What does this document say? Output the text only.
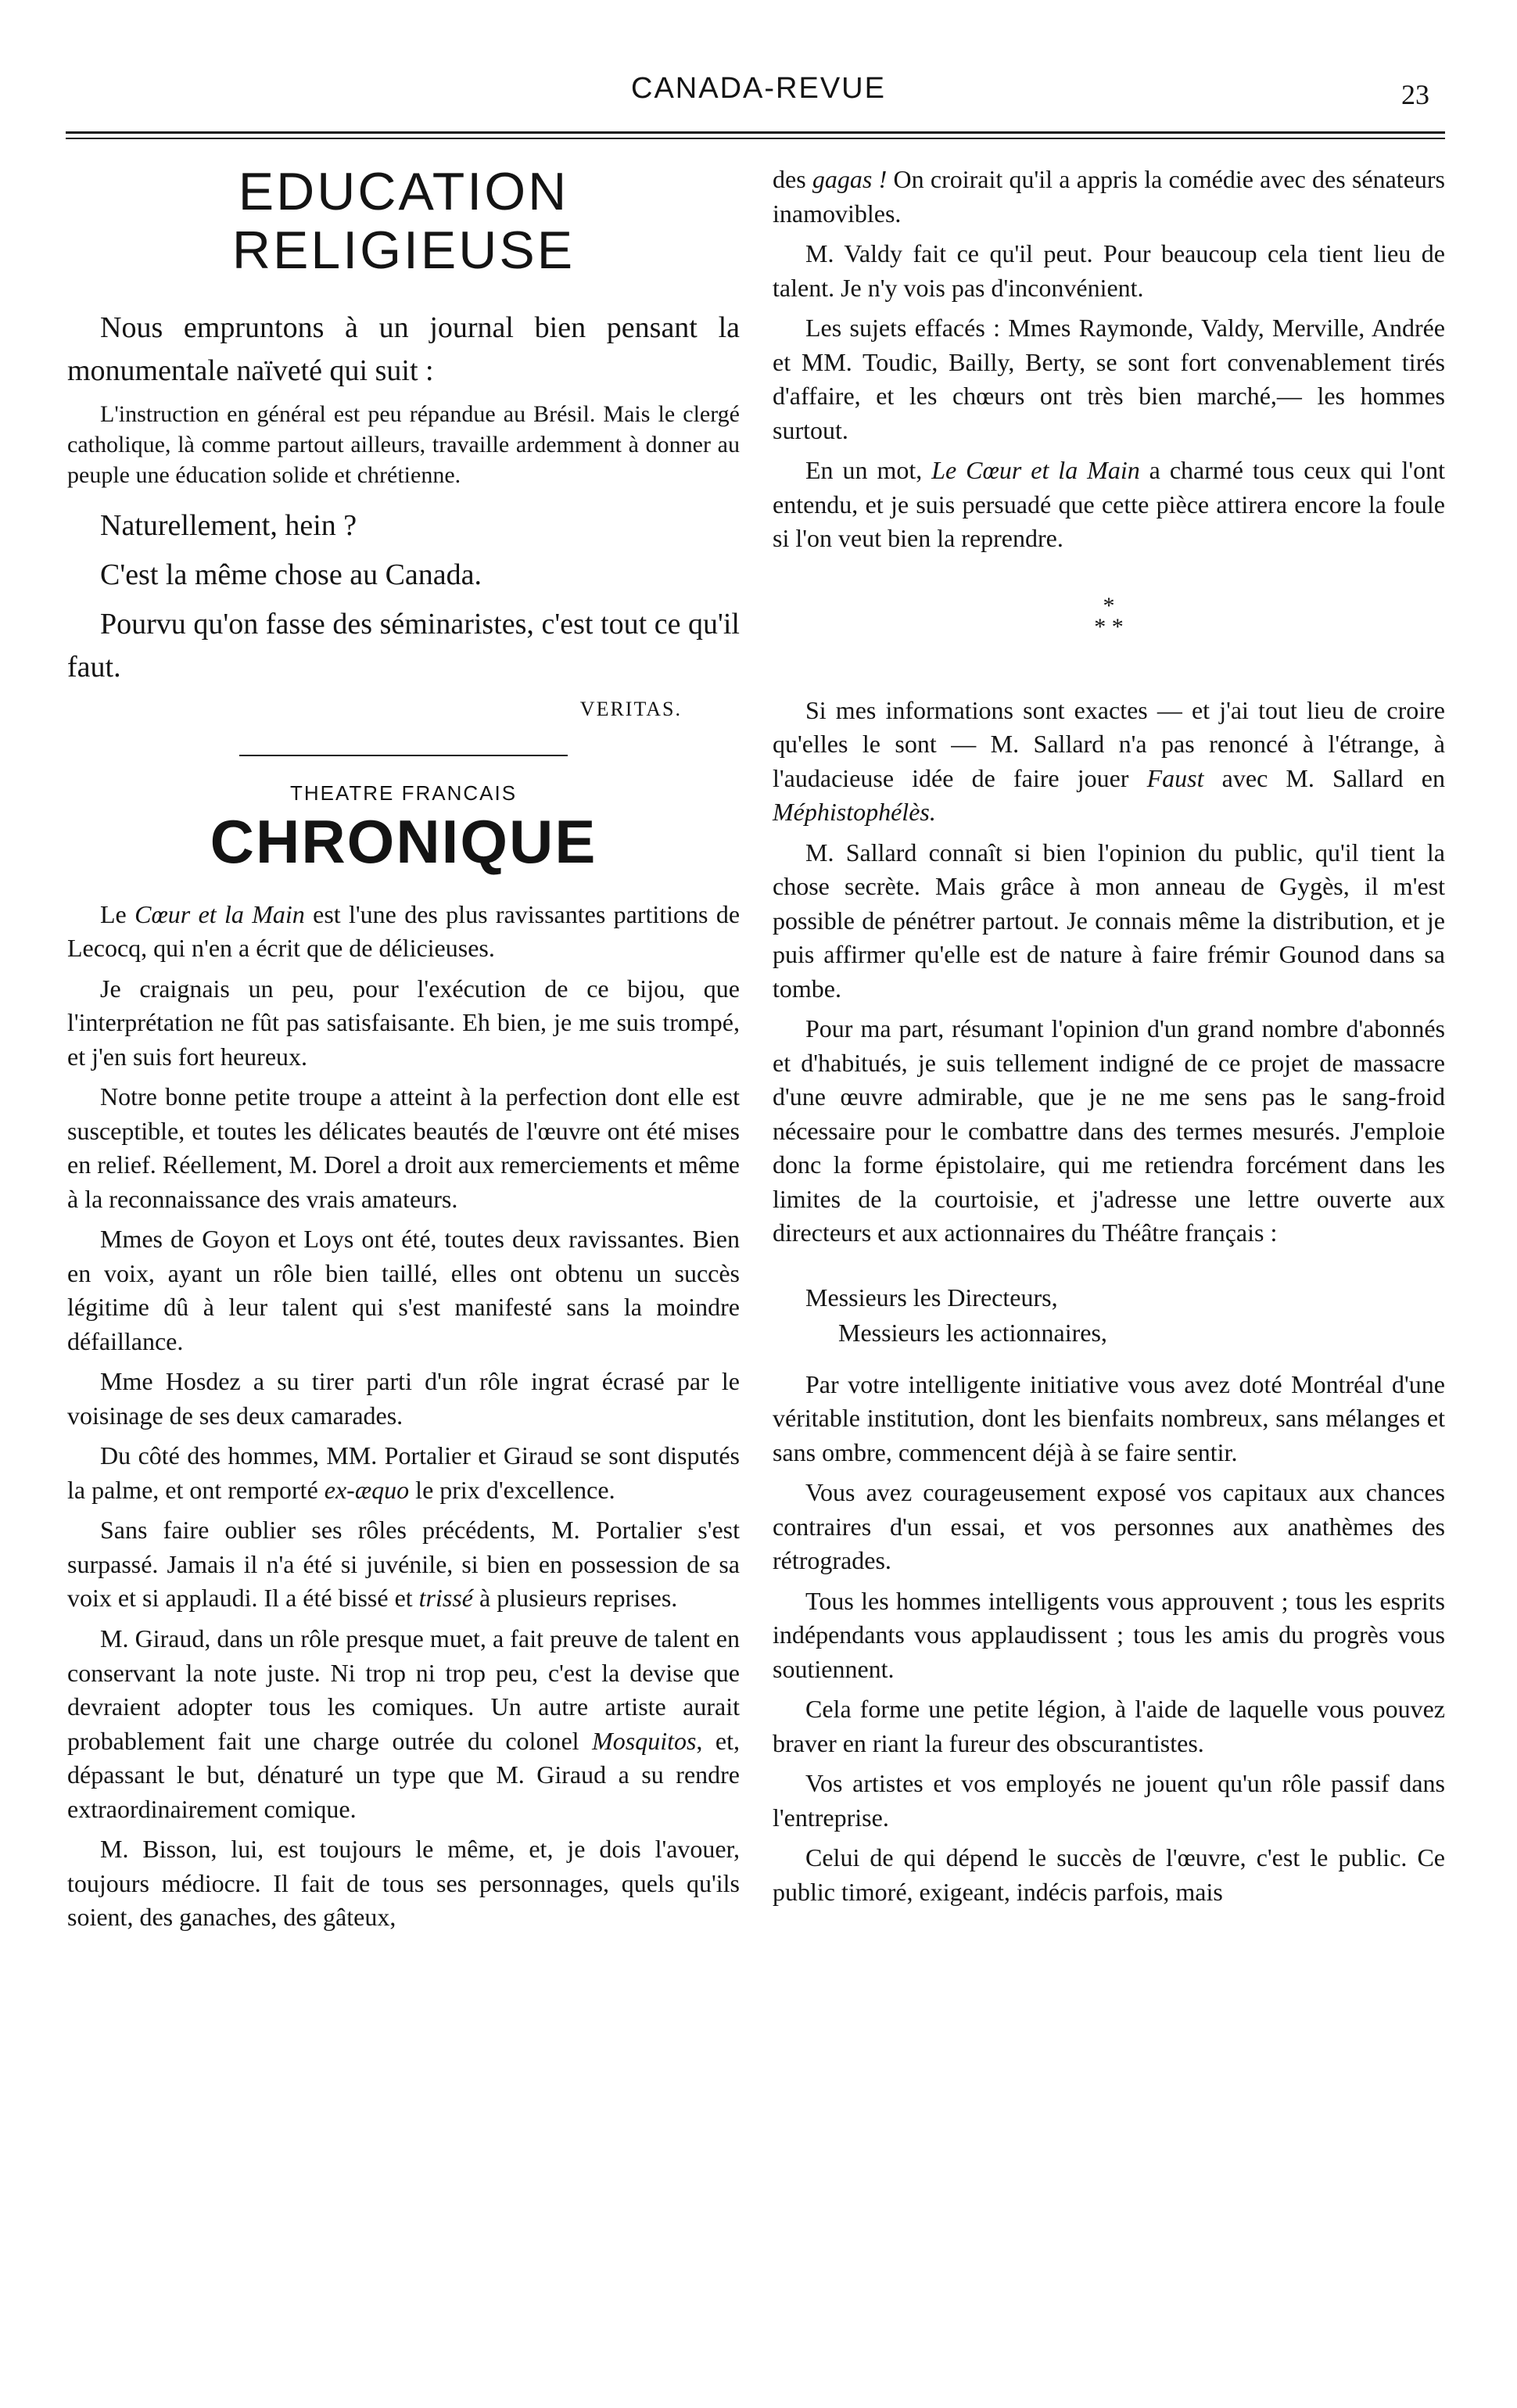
CANADA-REVUE	23
EDUCATION RELIGIEUSE

Nous empruntons à un journal bien pensant la monumentale naïveté qui suit :

L'instruction en général est peu répandue au Brésil. Mais le clergé catholique, là comme partout ailleurs, travaille ardemment à donner au peuple une éducation solide et chrétienne.

Naturellement, hein ?

C'est la même chose au Canada.

Pourvu qu'on fasse des séminaristes, c'est tout ce qu'il faut.

VERITAS.
THEATRE FRANCAIS
CHRONIQUE

Le Cœur et la Main est l'une des plus ravissantes partitions de Lecocq, qui n'en a écrit que de délicieuses.

Je craignais un peu, pour l'exécution de ce bijou, que l'interprétation ne fût pas satisfaisante. Eh bien, je me suis trompé, et j'en suis fort heureux.

Notre bonne petite troupe a atteint à la perfection dont elle est susceptible, et toutes les délicates beautés de l'œuvre ont été mises en relief. Réellement, M. Dorel a droit aux remerciements et même à la reconnaissance des vrais amateurs.

Mmes de Goyon et Loys ont été, toutes deux ravissantes. Bien en voix, ayant un rôle bien taillé, elles ont obtenu un succès légitime dû à leur talent qui s'est manifesté sans la moindre défaillance.

Mme Hosdez a su tirer parti d'un rôle ingrat écrasé par le voisinage de ses deux camarades.

Du côté des hommes, MM. Portalier et Giraud se sont disputés la palme, et ont remporté ex-æquo le prix d'excellence.

Sans faire oublier ses rôles précédents, M. Portalier s'est surpassé. Jamais il n'a été si juvénile, si bien en possession de sa voix et si applaudi. Il a été bissé et trissé à plusieurs reprises.

M. Giraud, dans un rôle presque muet, a fait preuve de talent en conservant la note juste. Ni trop ni trop peu, c'est la devise que devraient adopter tous les comiques. Un autre artiste aurait probablement fait une charge outrée du colonel Mosquitos, et, dépassant le but, dénaturé un type que M. Giraud a su rendre extraordinairement comique.

M. Bisson, lui, est toujours le même, et, je dois l'avouer, toujours médiocre. Il fait de tous ses personnages, quels qu'ils soient, des ganaches, des gâteux,

des gagas ! On croirait qu'il a appris la comédie avec des sénateurs inamovibles.

M. Valdy fait ce qu'il peut. Pour beaucoup cela tient lieu de talent. Je n'y vois pas d'inconvénient.

Les sujets effacés : Mmes Raymonde, Valdy, Merville, Andrée et MM. Toudic, Bailly, Berty, se sont fort convenablement tirés d'affaire, et les chœurs ont très bien marché,— les hommes surtout.

En un mot, Le Cœur et la Main a charmé tous ceux qui l'ont entendu, et je suis persuadé que cette pièce attirera encore la foule si l'on veut bien la reprendre.

*
* *

Si mes informations sont exactes — et j'ai tout lieu de croire qu'elles le sont — M. Sallard n'a pas renoncé à l'étrange, à l'audacieuse idée de faire jouer Faust avec M. Sallard en Méphistophélès.

M. Sallard connaît si bien l'opinion du public, qu'il tient la chose secrète. Mais grâce à mon anneau de Gygès, il m'est possible de pénétrer partout. Je connais même la distribution, et je puis affirmer qu'elle est de nature à faire frémir Gounod dans sa tombe.

Pour ma part, résumant l'opinion d'un grand nombre d'abonnés et d'habitués, je suis tellement indigné de ce projet de massacre d'une œuvre admirable, que je ne me sens pas le sang-froid nécessaire pour le combattre dans des termes mesurés. J'emploie donc la forme épistolaire, qui me retiendra forcément dans les limites de la courtoisie, et j'adresse une lettre ouverte aux directeurs et aux actionnaires du Théâtre français :

Messieurs les Directeurs,
Messieurs les actionnaires,

Par votre intelligente initiative vous avez doté Montréal d'une véritable institution, dont les bienfaits nombreux, sans mélanges et sans ombre, commencent déjà à se faire sentir.

Vous avez courageusement exposé vos capitaux aux chances contraires d'un essai, et vos personnes aux anathèmes des rétrogrades.

Tous les hommes intelligents vous approuvent ; tous les esprits indépendants vous applaudissent ; tous les amis du progrès vous soutiennent.

Cela forme une petite légion, à l'aide de laquelle vous pouvez braver en riant la fureur des obscurantistes.

Vos artistes et vos employés ne jouent qu'un rôle passif dans l'entreprise.

Celui de qui dépend le succès de l'œuvre, c'est le public. Ce public timoré, exigeant, indécis parfois, mais
